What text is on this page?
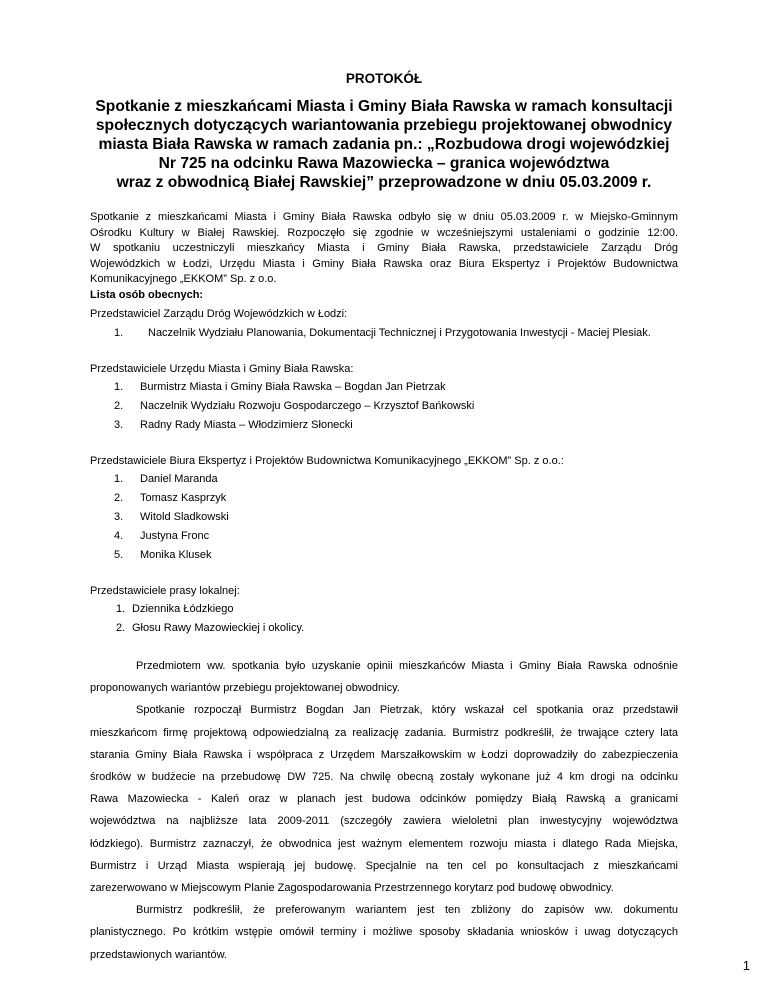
PROTOKÓŁ
Spotkanie z mieszkańcami Miasta i Gminy Biała Rawska w ramach konsultacji
społecznych dotyczących wariantowania przebiegu projektowanej obwodnicy
miasta Biała Rawska w ramach zadania pn.: „Rozbudowa drogi wojewódzkiej
Nr 725 na odcinku Rawa Mazowiecka – granica województwa
wraz z obwodnicą Białej Rawskiej” przeprowadzone w dniu 05.03.2009 r.
Spotkanie z mieszkańcami Miasta i Gminy Biała Rawska odbyło się w dniu 05.03.2009 r. w Miejsko-Gminnym
Ośrodku Kultury w Białej Rawskiej. Rozpoczęło się zgodnie w wcześniejszymi ustaleniami o godzinie 12:00.
W spotkaniu uczestniczyli mieszkańcy Miasta i Gminy Biała Rawska, przedstawiciele Zarządu Dróg
Wojewódzkich w Łodzi, Urzędu Miasta i Gminy Biała Rawska oraz Biura Ekspertyz i Projektów Budownictwa
Komunikacyjnego „EKKOM” Sp. z o.o.
Lista osób obecnych:
Przedstawiciel Zarządu Dróg Wojewódzkich w Łodzi:
1. Naczelnik Wydziału Planowania, Dokumentacji Technicznej i Przygotowania Inwestycji - Maciej Plesiak.
Przedstawiciele Urzędu Miasta i Gminy Biała Rawska:
1. Burmistrz Miasta i Gminy Biała Rawska – Bogdan Jan Pietrzak
2. Naczelnik Wydziału Rozwoju Gospodarczego – Krzysztof Bańkowski
3. Radny Rady Miasta – Włodzimierz Słonecki
Przedstawiciele Biura Ekspertyz i Projektów Budownictwa Komunikacyjnego „EKKOM” Sp. z o.o.:
1. Daniel Maranda
2. Tomasz Kasprzyk
3. Witold Sladkowski
4. Justyna Fronc
5. Monika Klusek
Przedstawiciele prasy lokalnej:
1. Dziennika Łódzkiego
2. Głosu Rawy Mazowieckiej i okolicy.
Przedmiotem ww. spotkania było uzyskanie opinii mieszkańców Miasta i Gminy Biała Rawska odnośnie
proponowanych wariantów przebiegu projektowanej obwodnicy.
Spotkanie rozpoczął Burmistrz Bogdan Jan Pietrzak, który wskazał cel spotkania oraz przedstawił
mieszkańcom firmę projektową odpowiedzialną za realizację zadania. Burmistrz podkreślił, że trwające cztery lata
starania Gminy Biała Rawska i współpraca z Urzędem Marszałkowskim w Łodzi doprowadziły do zabezpieczenia
środków w budżecie na przebudowę DW 725. Na chwilę obecną zostały wykonane już 4 km drogi na odcinku
Rawa Mazowiecka - Kaleń oraz w planach jest budowa odcinków pomiędzy Białą Rawską a granicami
województwa na najbliższe lata 2009-2011 (szczegóły zawiera wieloletni plan inwestycyjny województwa
łódzkiego). Burmistrz zaznaczył, że obwodnica jest ważnym elementem rozwoju miasta i dlatego Rada Miejska,
Burmistrz i Urząd Miasta wspierają jej budowę. Specjalnie na ten cel po konsultacjach z mieszkańcami
zarezerwowano w Miejscowym Planie Zagospodarowania Przestrzennego korytarz pod budowę obwodnicy.
Burmistrz podkreślił, że preferowanym wariantem jest ten zbliżony do zapisów ww. dokumentu
planistycznego. Po krótkim wstępie omówił terminy i możliwe sposoby składania wniosków i uwag dotyczących
przedstawionych wariantów.
1
